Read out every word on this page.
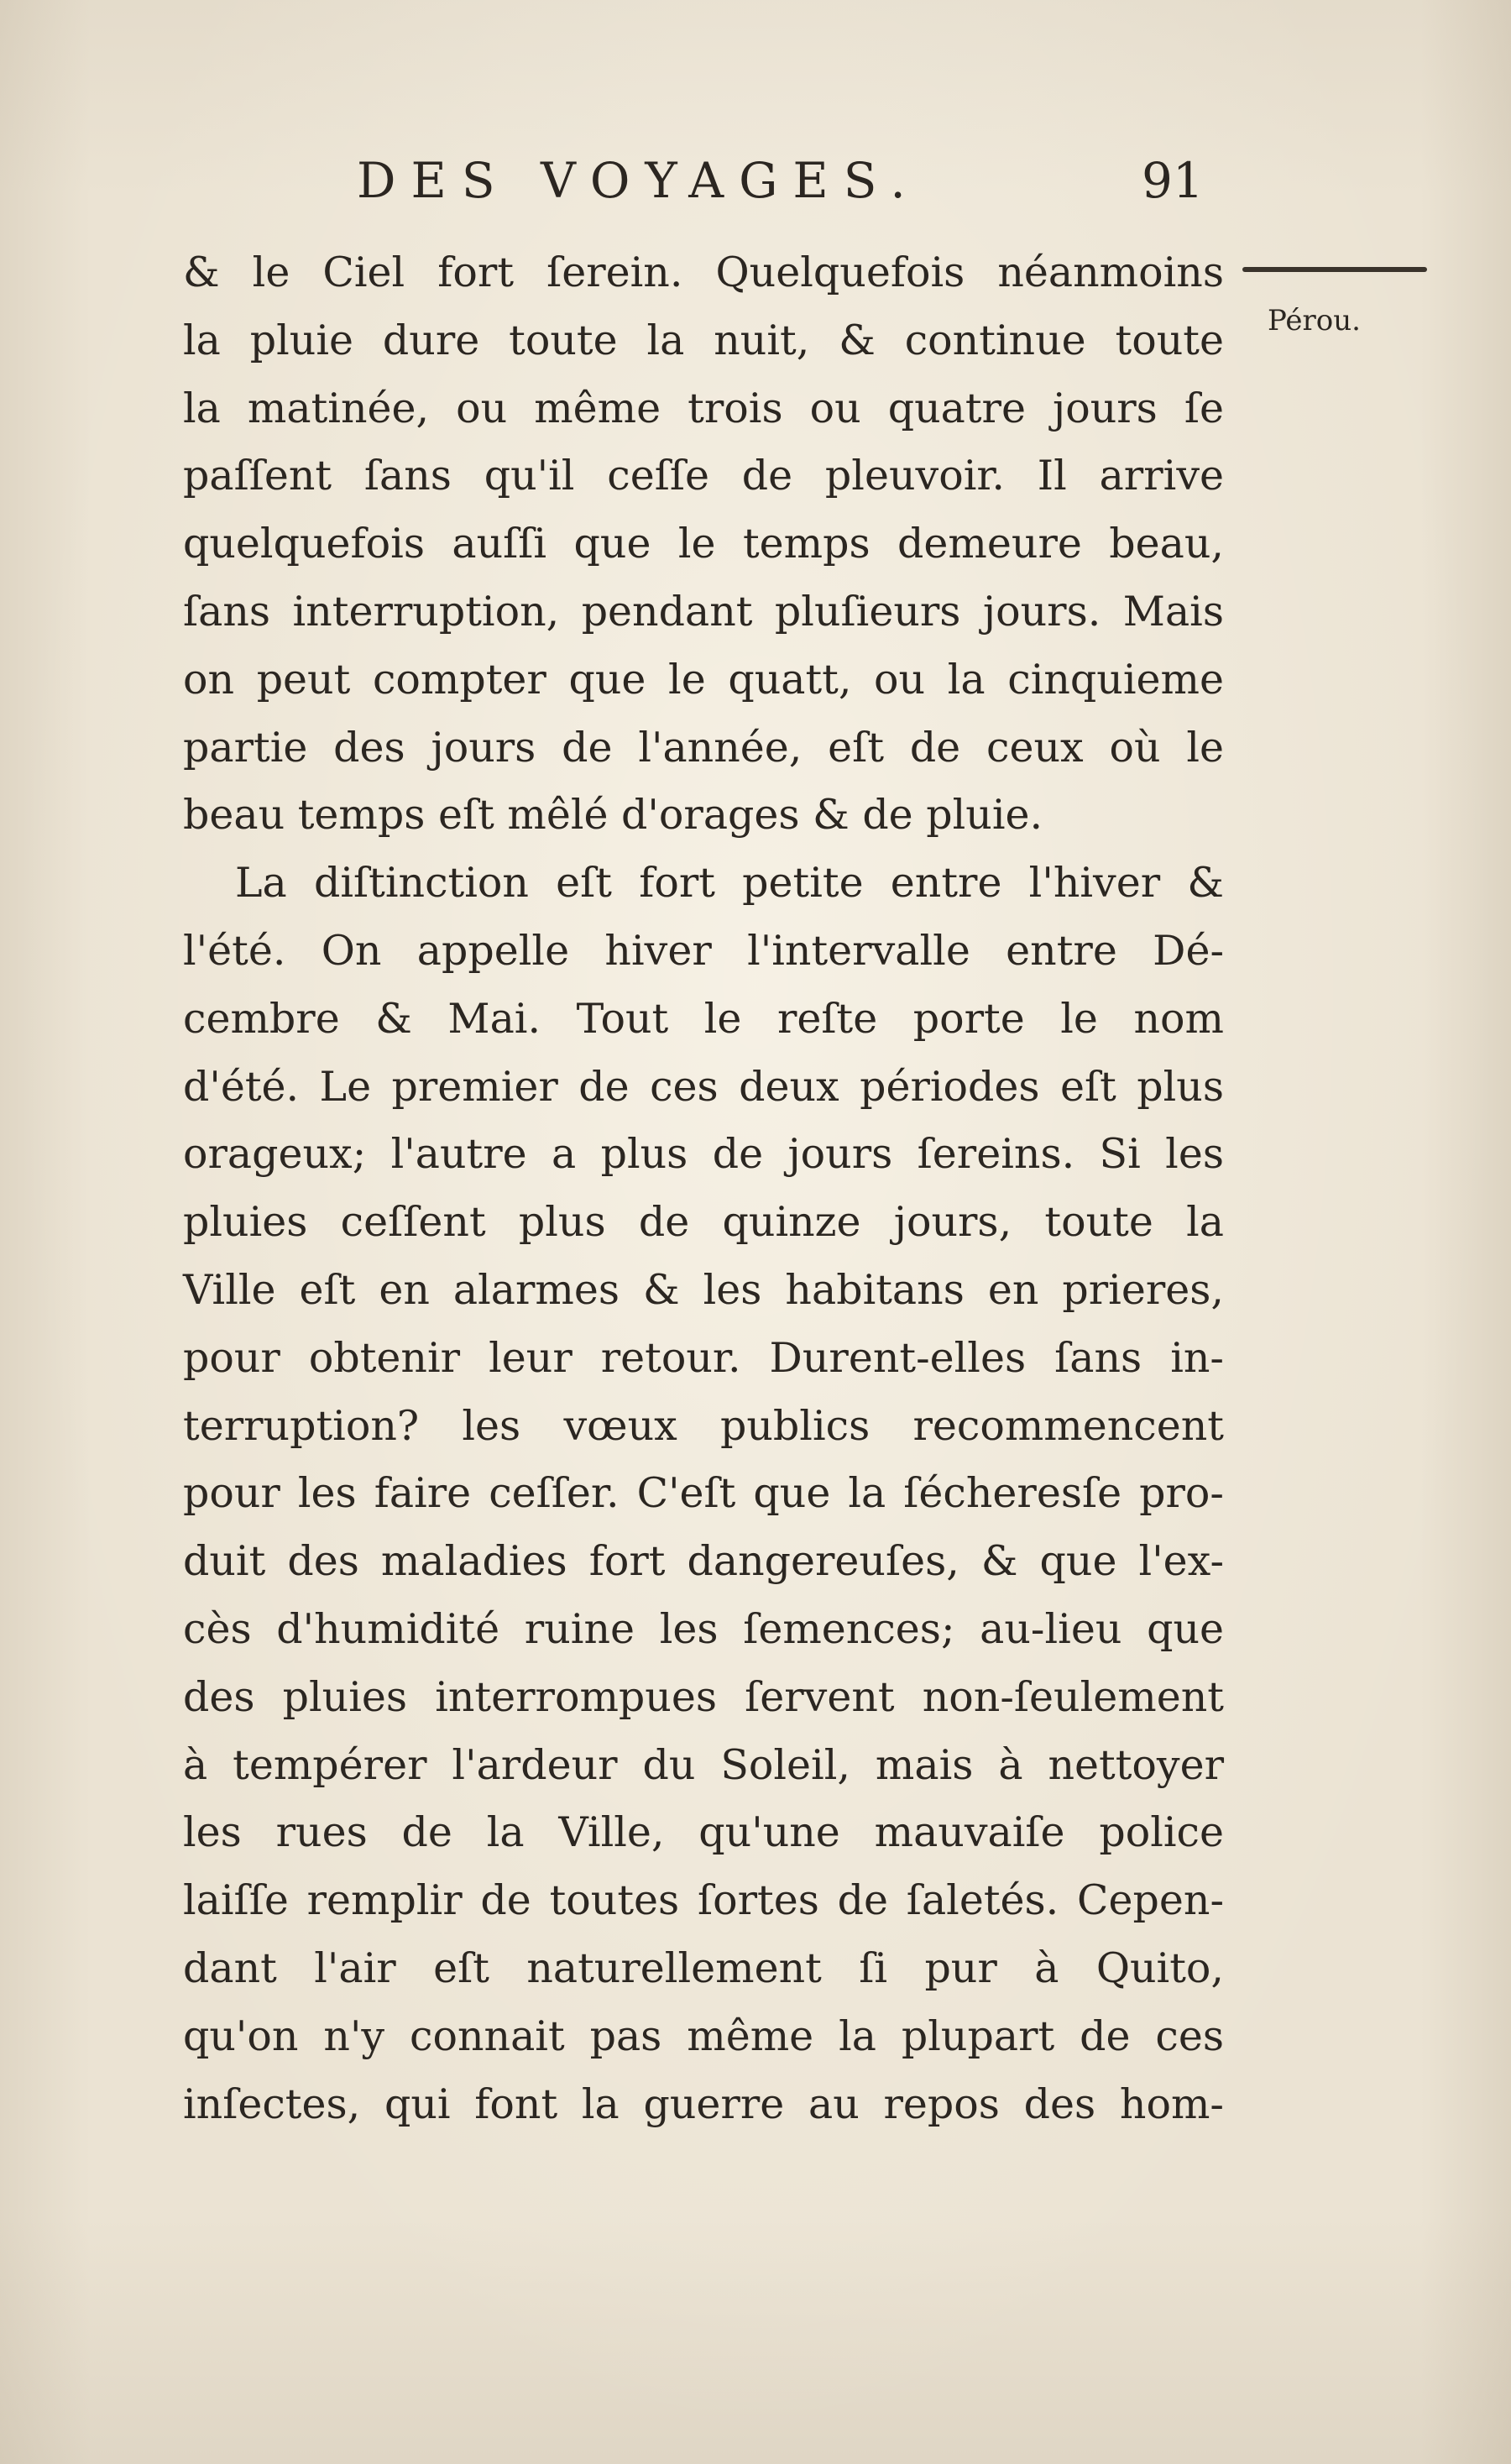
DES VOYAGES.	91
Pérou.
& le Ciel fort ſerein. Quelquefois néanmoins
la pluie dure toute la nuit, & continue toute
la matinée, ou même trois ou quatre jours ſe
paſſent ſans qu'il ceſſe de pleuvoir. Il arrive
quelquefois auſſi que le temps demeure beau,
ſans interruption, pendant pluſieurs jours. Mais
on peut compter que le quatt, ou la cinquieme
partie des jours de l'année, eſt de ceux où le
beau temps eſt mêlé d'orages & de pluie.
La diſtinction eſt fort petite entre l'hiver &
l'été. On appelle hiver l'intervalle entre Dé-
cembre & Mai. Tout le reſte porte le nom
d'été. Le premier de ces deux périodes eſt plus
orageux; l'autre a plus de jours ſereins. Si les
pluies ceſſent plus de quinze jours, toute la
Ville eſt en alarmes & les habitans en prieres,
pour obtenir leur retour. Durent-elles ſans in-
terruption? les vœux publics recommencent
pour les faire ceſſer. C'eſt que la ſécheresſe pro-
duit des maladies fort dangereuſes, & que l'ex-
cès d'humidité ruine les ſemences; au-lieu que
des pluies interrompues ſervent non-ſeulement
à tempérer l'ardeur du Soleil, mais à nettoyer
les rues de la Ville, qu'une mauvaiſe police
laiſſe remplir de toutes ſortes de ſaletés. Cepen-
dant l'air eſt naturellement ſi pur à Quito,
qu'on n'y connait pas même la plupart de ces
inſectes, qui font la guerre au repos des hom-
